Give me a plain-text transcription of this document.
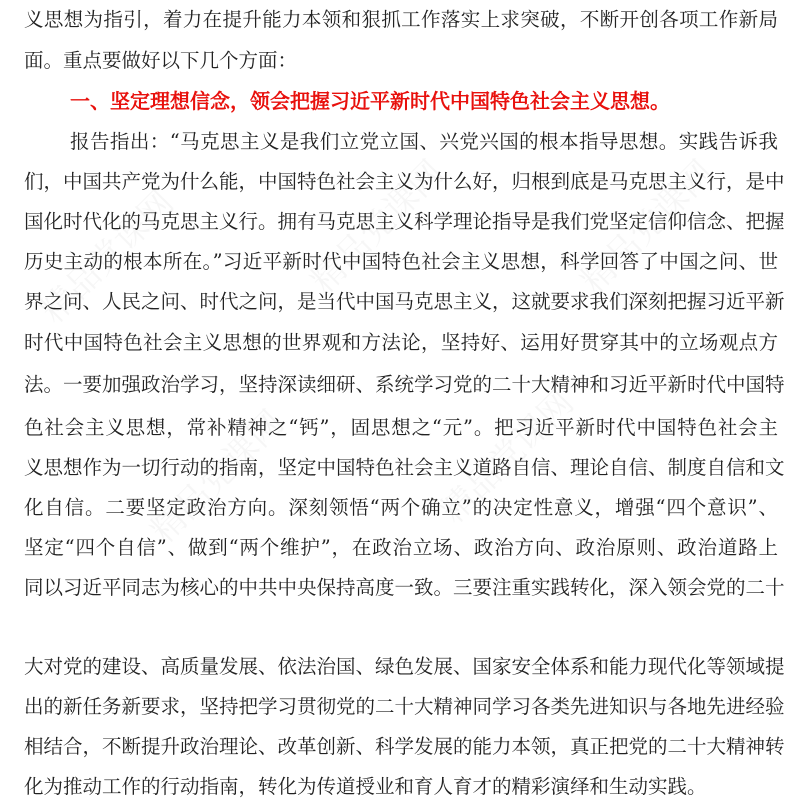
义思想为指引，着力在提升能力本领和狠抓工作落实上求突破，不断开创各项工作新局
面。重点要做好以下几个方面：
一、坚定理想信念，领会把握习近平新时代中国特色社会主义思想。
报告指出：“马克思主义是我们立党立国、兴党兴国的根本指导思想。实践告诉我
们，中国共产党为什么能，中国特色社会主义为什么好，归根到底是马克思主义行，是中
国化时代化的马克思主义行。拥有马克思主义科学理论指导是我们党坚定信仰信念、把握
历史主动的根本所在。”习近平新时代中国特色社会主义思想，科学回答了中国之问、世
界之问、人民之问、时代之问，是当代中国马克思主义，这就要求我们深刻把握习近平新
时代中国特色社会主义思想的世界观和方法论，坚持好、运用好贯穿其中的立场观点方
法。一要加强政治学习，坚持深读细研、系统学习党的二十大精神和习近平新时代中国特
色社会主义思想，常补精神之“钙”，固思想之“元”。把习近平新时代中国特色社会主
义思想作为一切行动的指南，坚定中国特色社会主义道路自信、理论自信、制度自信和文
化自信。二要坚定政治方向。深刻领悟“两个确立”的决定性意义，增强“四个意识”、
坚定“四个自信”、做到“两个维护”，在政治立场、政治方向、政治原则、政治道路上
同以习近平同志为核心的中共中央保持高度一致。三要注重实践转化，深入领会党的二十
大对党的建设、高质量发展、依法治国、绿色发展、国家安全体系和能力现代化等领域提
出的新任务新要求，坚持把学习贯彻党的二十大精神同学习各类先进知识与各地先进经验
相结合，不断提升政治理论、改革创新、科学发展的能力本领，真正把党的二十大精神转
化为推动工作的行动指南，转化为传道授业和育人育才的精彩演绎和生动实践。
